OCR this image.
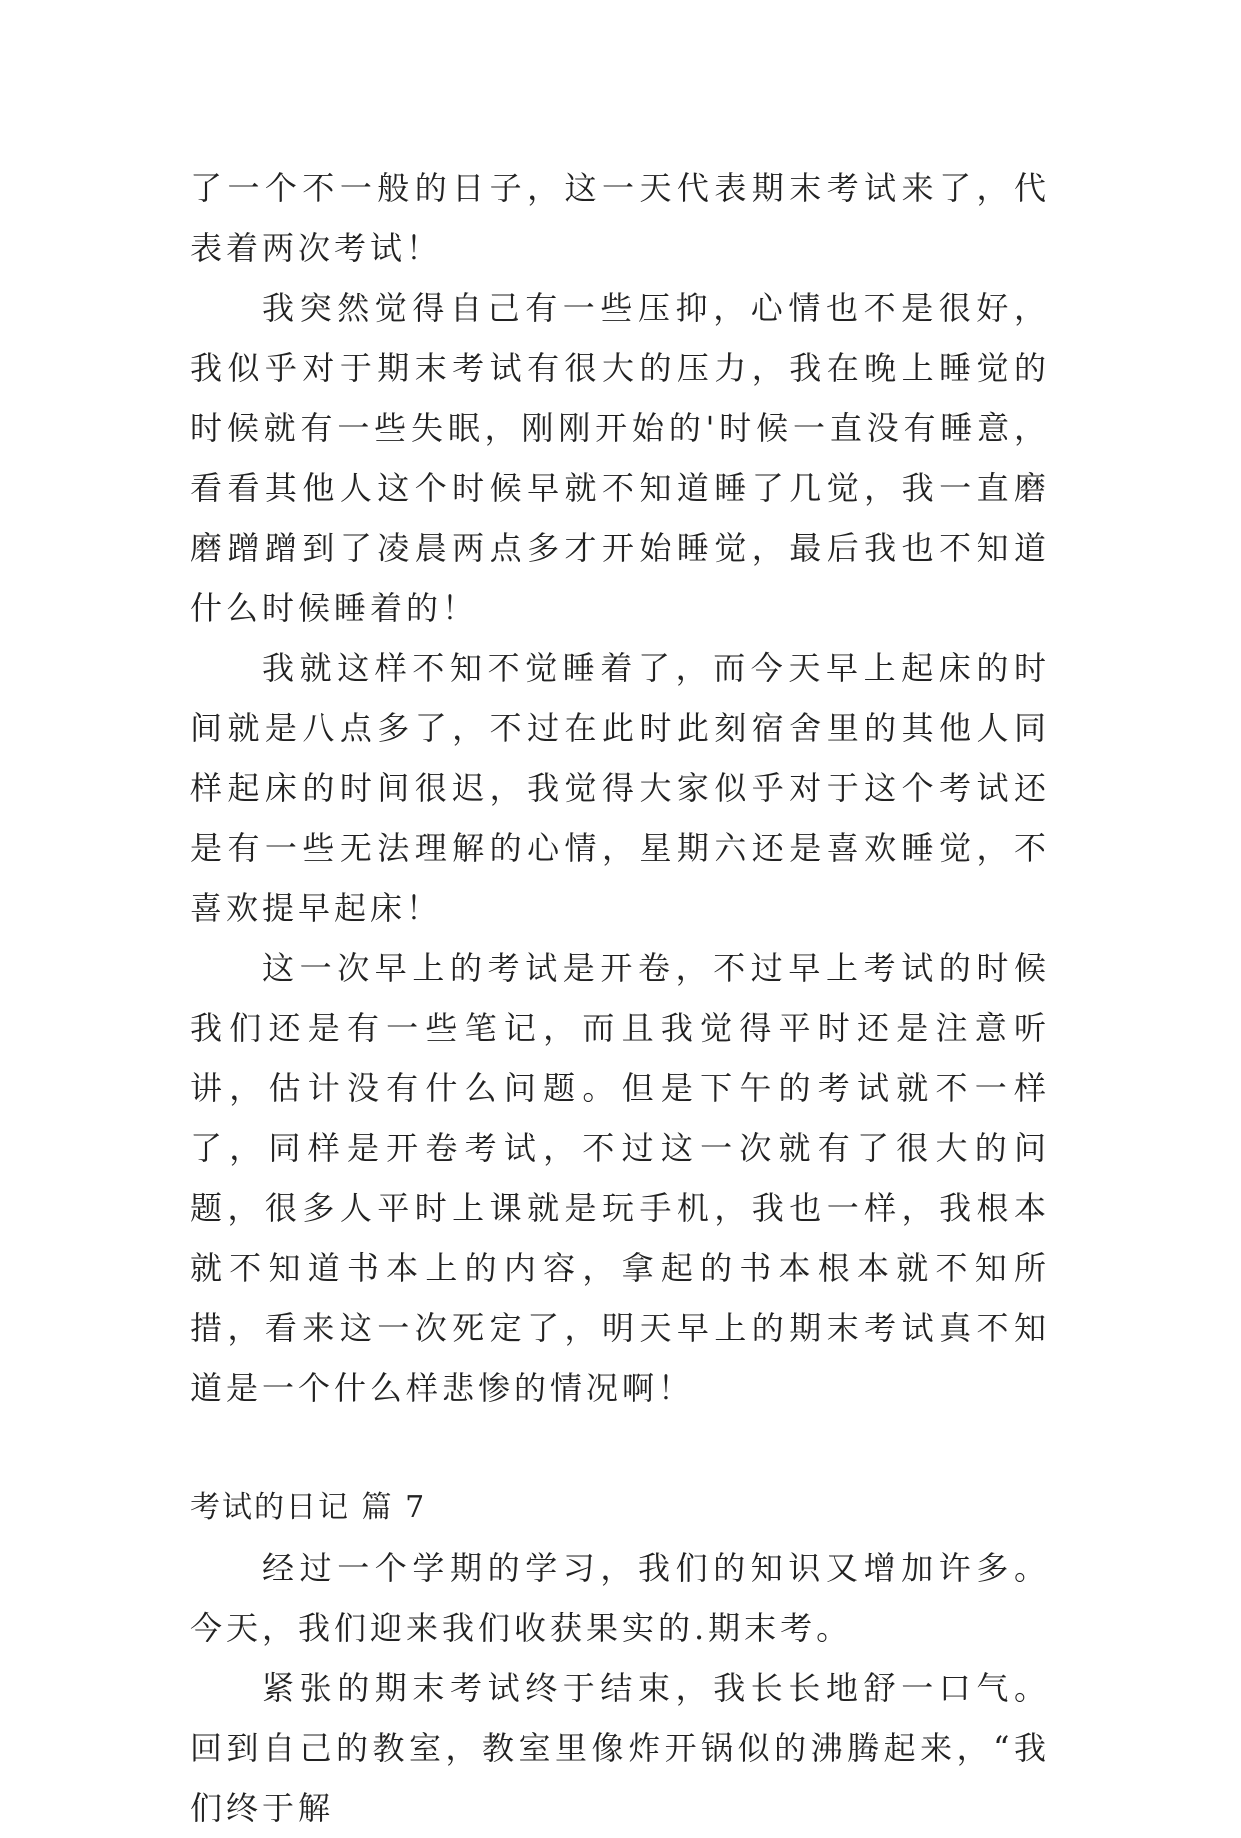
了一个不一般的日子，这一天代表期末考试来了，代表着两次考试！

我突然觉得自己有一些压抑，心情也不是很好，我似乎对于期末考试有很大的压力，我在晚上睡觉的时候就有一些失眠，刚刚开始的'时候一直没有睡意，看看其他人这个时候早就不知道睡了几觉，我一直磨磨蹭蹭到了凌晨两点多才开始睡觉，最后我也不知道什么时候睡着的！

我就这样不知不觉睡着了，而今天早上起床的时间就是八点多了，不过在此时此刻宿舍里的其他人同样起床的时间很迟，我觉得大家似乎对于这个考试还是有一些无法理解的心情，星期六还是喜欢睡觉，不喜欢提早起床！

这一次早上的考试是开卷，不过早上考试的时候我们还是有一些笔记，而且我觉得平时还是注意听讲，估计没有什么问题。但是下午的考试就不一样了，同样是开卷考试，不过这一次就有了很大的问题，很多人平时上课就是玩手机，我也一样，我根本就不知道书本上的内容，拿起的书本根本就不知所措，看来这一次死定了，明天早上的期末考试真不知道是一个什么样悲惨的情况啊！

考试的日记 篇 7

经过一个学期的学习，我们的知识又增加许多。今天，我们迎来我们收获果实的.期末考。

紧张的期末考试终于结束，我长长地舒一口气。回到自己的教室，教室里像炸开锅似的沸腾起来，“我们终于解
